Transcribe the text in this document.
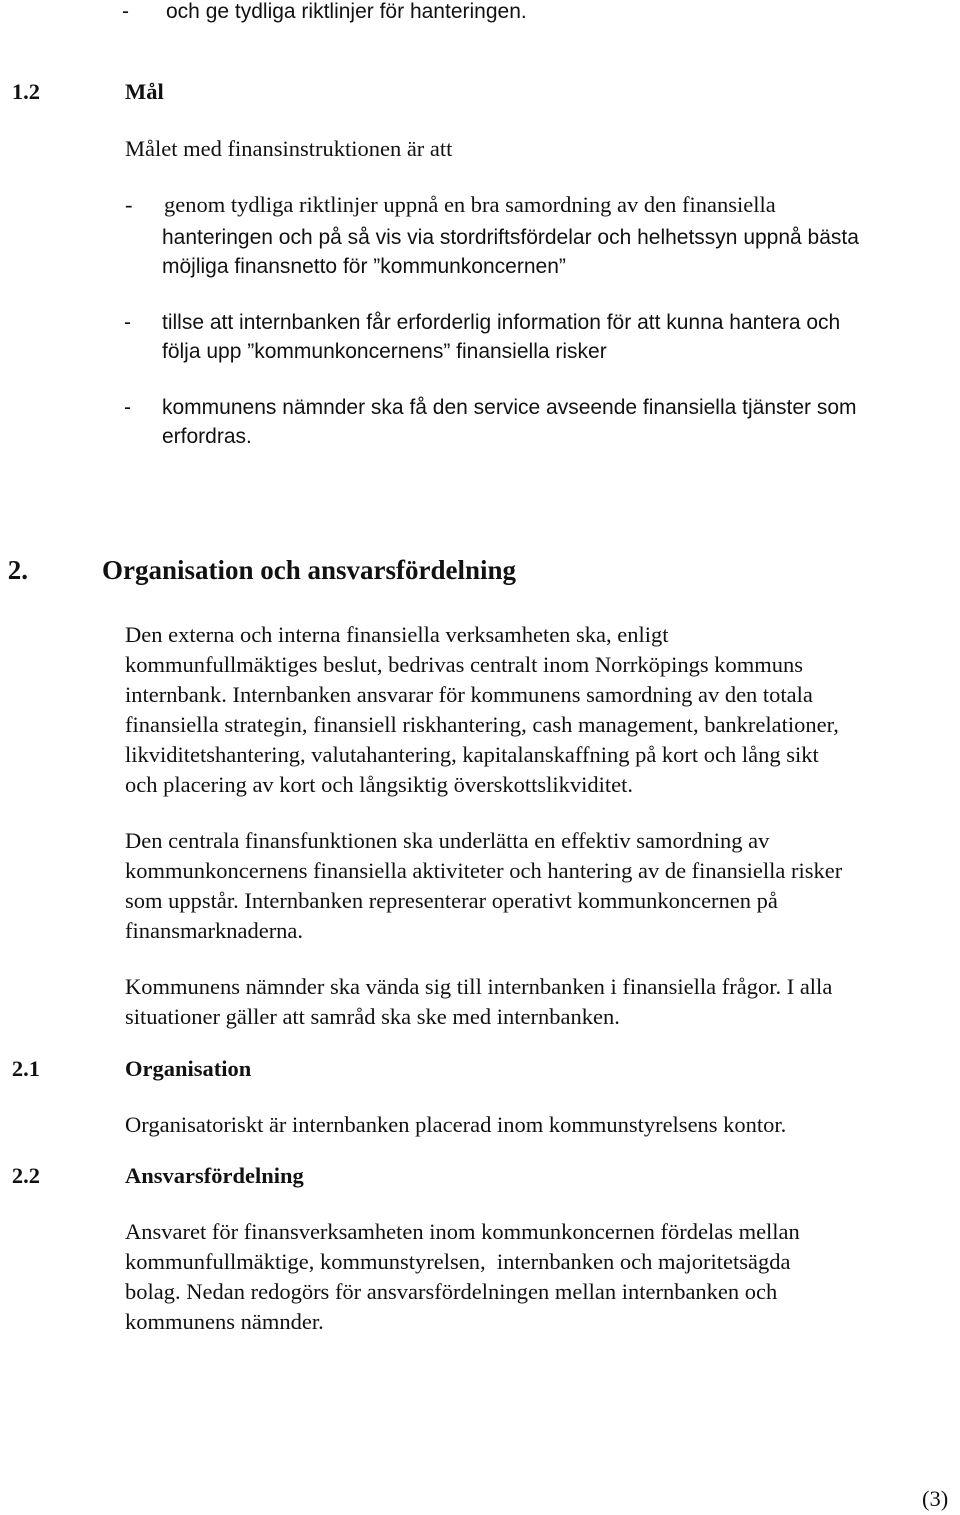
- och ge tydliga riktlinjer för hanteringen.
1.2	Mål
Målet med finansinstruktionen är att
- genom tydliga riktlinjer uppnå en bra samordning av den finansiella
hanteringen och på så vis via stordriftsfördelar och helhetssyn uppnå bästa
möjliga finansnetto för ”kommunkoncernen”
- tillse att internbanken får erforderlig information för att kunna hantera och
följa upp ”kommunkoncernens” finansiella risker
- kommunens nämnder ska få den service avseende finansiella tjänster som
erfordras.
2.	Organisation och ansvarsfördelning
Den externa och interna finansiella verksamheten ska, enligt
kommunfullmäktiges beslut, bedrivas centralt inom Norrköpings kommuns
internbank. Internbanken ansvarar för kommunens samordning av den totala
finansiella strategin, finansiell riskhantering, cash management, bankrelationer,
likviditetshantering, valutahantering, kapitalanskaffning på kort och lång sikt
och placering av kort och långsiktig överskottslikviditet.
Den centrala finansfunktionen ska underlätta en effektiv samordning av
kommunkoncernens finansiella aktiviteter och hantering av de finansiella risker
som uppstår. Internbanken representerar operativt kommunkoncernen på
finansmarknaderna.
Kommunens nämnder ska vända sig till internbanken i finansiella frågor. I alla
situationer gäller att samråd ska ske med internbanken.
2.1	Organisation
Organisatoriskt är internbanken placerad inom kommunstyrelsens kontor.
2.2	Ansvarsfördelning
Ansvaret för finansverksamheten inom kommunkoncernen fördelas mellan
kommunfullmäktige, kommunstyrelsen,  internbanken och majoritetsägda
bolag. Nedan redogörs för ansvarsfördelningen mellan internbanken och
kommunens nämnder.
(3)
